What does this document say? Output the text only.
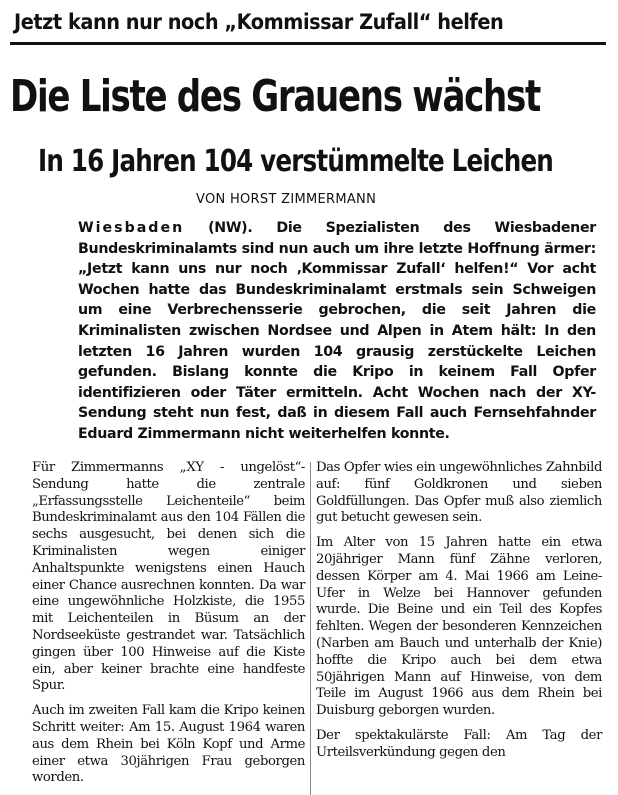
Jetzt kann nur noch „Kommissar Zufall“ helfen
Die Liste des Grauens wächst
In 16 Jahren 104 verstümmelte Leichen
VON HORST ZIMMERMANN
Wiesbaden (NW). Die Spezialisten des Wiesbadener Bundeskriminalamts sind nun auch um ihre letzte Hoffnung ärmer: „Jetzt kann uns nur noch ‚Kommissar Zufall‘ helfen!“ Vor acht Wochen hatte das Bundeskriminalamt erstmals sein Schweigen um eine Verbrechensserie gebrochen, die seit Jahren die Kriminalisten zwischen Nordsee und Alpen in Atem hält: In den letzten 16 Jahren wurden 104 grausig zerstückelte Leichen gefunden. Bislang konnte die Kripo in keinem Fall Opfer identifizieren oder Täter ermitteln. Acht Wochen nach der XY-Sendung steht nun fest, daß in diesem Fall auch Fernsehfahnder Eduard Zimmermann nicht weiterhelfen konnte.

Für Zimmermanns „XY - ungelöst“-Sendung hatte die zentrale „Erfassungsstelle Leichenteile“ beim Bundeskriminalamt aus den 104 Fällen die sechs ausgesucht, bei denen sich die Kriminalisten wegen einiger Anhaltspunkte wenigstens einen Hauch einer Chance ausrechnen konnten. Da war eine ungewöhnliche Holzkiste, die 1955 mit Leichenteilen in Büsum an der Nordseeküste gestrandet war. Tatsächlich gingen über 100 Hinweise auf die Kiste ein, aber keiner brachte eine handfeste Spur.

Auch im zweiten Fall kam die Kripo keinen Schritt weiter: Am 15. August 1964 waren aus dem Rhein bei Köln Kopf und Arme einer etwa 30jährigen Frau geborgen worden.

Das Opfer wies ein ungewöhnliches Zahnbild auf: fünf Goldkronen und sieben Goldfüllungen. Das Opfer muß also ziemlich gut betucht gewesen sein.

Im Alter von 15 Jahren hatte ein etwa 20jähriger Mann fünf Zähne verloren, dessen Körper am 4. Mai 1966 am Leine-Ufer in Welze bei Hannover gefunden wurde. Die Beine und ein Teil des Kopfes fehlten. Wegen der besonderen Kennzeichen (Narben am Bauch und unterhalb der Knie) hoffte die Kripo auch bei dem etwa 50jährigen Mann auf Hinweise, von dem Teile im August 1966 aus dem Rhein bei Duisburg geborgen wurden.

Der spektakulärste Fall: Am Tag der Urteilsverkündung gegen den
